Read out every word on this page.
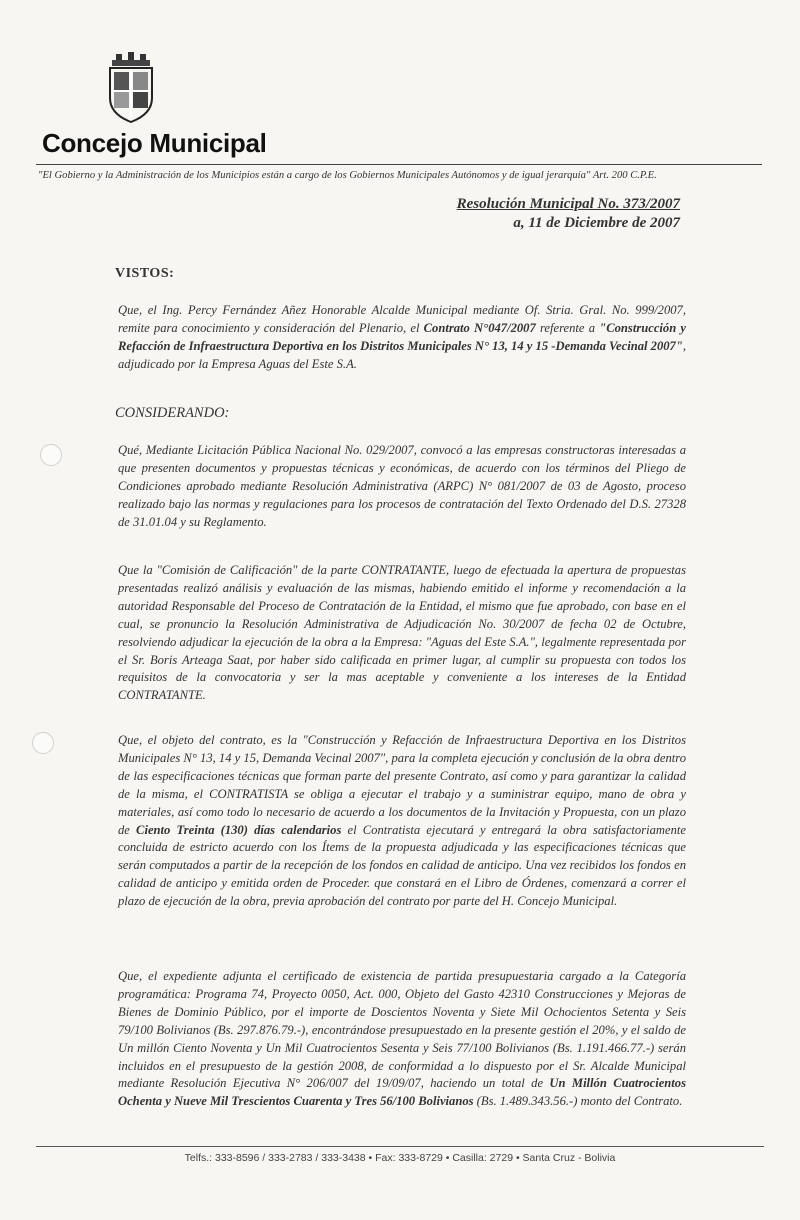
Concejo Municipal
"El Gobierno y la Administración de los Municipios están a cargo de los Gobiernos Municipales Autónomos y de igual jerarquía" Art. 200 C.P.E.
Resolución Municipal No. 373/2007
a, 11 de Diciembre de 2007
VISTOS:

Que, el Ing. Percy Fernández Añez Honorable Alcalde Municipal mediante Of. Stria. Gral. No. 999/2007, remite para conocimiento y consideración del Plenario, el Contrato N°047/2007 referente a "Construcción y Refacción de Infraestructura Deportiva en los Distritos Municipales N° 13, 14 y 15 -Demanda Vecinal 2007", adjudicado por la Empresa Aguas del Este S.A.

CONSIDERANDO:

Qué, Mediante Licitación Pública Nacional No. 029/2007, convocó a las empresas constructoras interesadas a que presenten documentos y propuestas técnicas y económicas, de acuerdo con los términos del Pliego de Condiciones aprobado mediante Resolución Administrativa (ARPC) N° 081/2007 de 03 de Agosto, proceso realizado bajo las normas y regulaciones para los procesos de contratación del Texto Ordenado del D.S. 27328 de 31.01.04 y su Reglamento.

Que la "Comisión de Calificación" de la parte CONTRATANTE, luego de efectuada la apertura de propuestas presentadas realizó análisis y evaluación de las mismas, habiendo emitido el informe y recomendación a la autoridad Responsable del Proceso de Contratación de la Entidad, el mismo que fue aprobado, con base en el cual, se pronuncio la Resolución Administrativa de Adjudicación No. 30/2007 de fecha 02 de Octubre, resolviendo adjudicar la ejecución de la obra a la Empresa: "Aguas del Este S.A.", legalmente representada por el Sr. Boris Arteaga Saat, por haber sido calificada en primer lugar, al cumplir su propuesta con todos los requisitos de la convocatoria y ser la mas aceptable y conveniente a los intereses de la Entidad CONTRATANTE.

Que, el objeto del contrato, es la "Construcción y Refacción de Infraestructura Deportiva en los Distritos Municipales N° 13, 14 y 15, Demanda Vecinal 2007", para la completa ejecución y conclusión de la obra dentro de las especificaciones técnicas que forman parte del presente Contrato, así como y para garantizar la calidad de la misma, el CONTRATISTA se obliga a ejecutar el trabajo y a suministrar equipo, mano de obra y materiales, así como todo lo necesario de acuerdo a los documentos de la Invitación y Propuesta, con un plazo de Ciento Treinta (130) días calendarios el Contratista ejecutará y entregará la obra satisfactoriamente concluida de estricto acuerdo con los Ítems de la propuesta adjudicada y las especificaciones técnicas que serán computados a partir de la recepción de los fondos en calidad de anticipo. Una vez recibidos los fondos en calidad de anticipo y emitida orden de Proceder. que constará en el Libro de Órdenes, comenzará a correr el plazo de ejecución de la obra, previa aprobación del contrato por parte del H. Concejo Municipal.

Que, el expediente adjunta el certificado de existencia de partida presupuestaria cargado a la Categoría programática: Programa 74, Proyecto 0050, Act. 000, Objeto del Gasto 42310 Construcciones y Mejoras de Bienes de Dominio Público, por el importe de Doscientos Noventa y Siete Mil Ochocientos Setenta y Seis 79/100 Bolivianos (Bs. 297.876.79.-), encontrándose presupuestado en la presente gestión el 20%, y el saldo de Un millón Ciento Noventa y Un Mil Cuatrocientos Sesenta y Seis 77/100 Bolivianos (Bs. 1.191.466.77.-) serán incluidos en el presupuesto de la gestión 2008, de conformidad a lo dispuesto por el Sr. Alcalde Municipal mediante Resolución Ejecutiva N° 206/007 del 19/09/07, haciendo un total de Un Millón Cuatrocientos Ochenta y Nueve Mil Trescientos Cuarenta y Tres 56/100 Bolivianos (Bs. 1.489.343.56.-) monto del Contrato.

Telfs.: 333-8596 / 333-2783 / 333-3438 • Fax: 333-8729 • Casilla: 2729 • Santa Cruz - Bolivia
